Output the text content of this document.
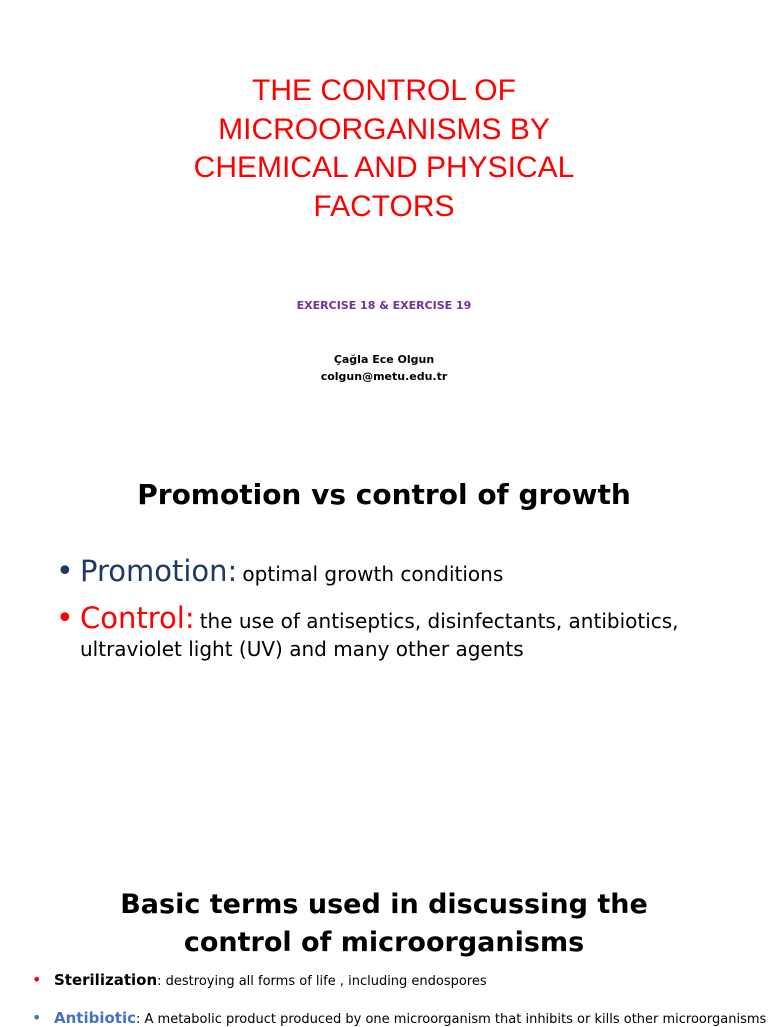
THE CONTROL OF
MICROORGANISMS BY
CHEMICAL AND PHYSICAL
FACTORS
EXERCISE 18 & EXERCISE 19
Çağla Ece Olgun
colgun@metu.edu.tr
Promotion vs control of growth
• Promotion: optimal growth conditions
• Control: the use of antiseptics, disinfectants, antibiotics,
ultraviolet light (UV) and many other agents
Basic terms used in discussing the
control of microorganisms
• Sterilization: destroying all forms of life , including endospores
• Antibiotic: A metabolic product produced by one microorganism that inhibits or kills other microorganisms
